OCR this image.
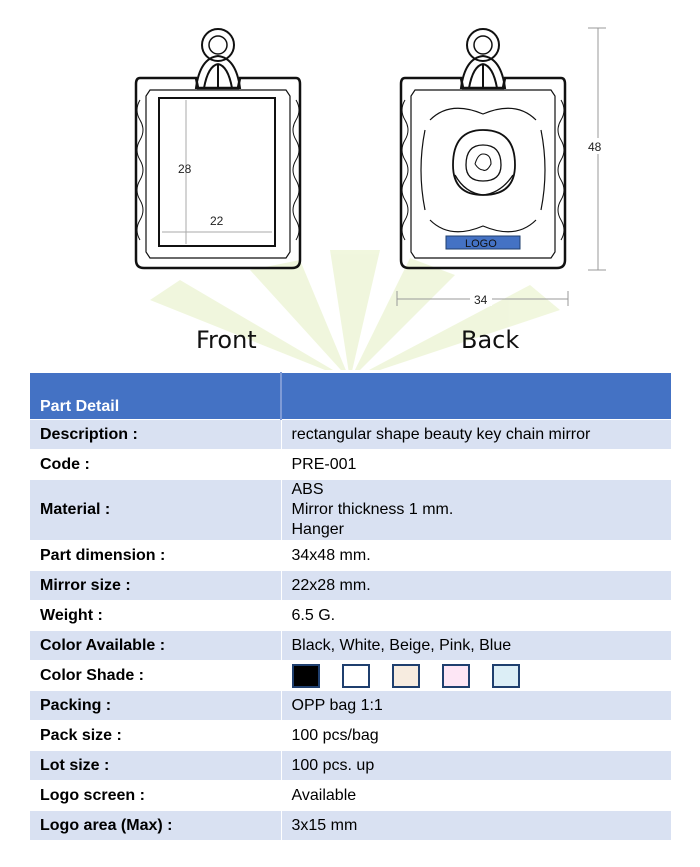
28
22
LOGO
48
34
Front	Back
Part Detail	
Description :	rectangular shape beauty key chain mirror
Code :	PRE-001
Material :	ABS
Mirror thickness 1 mm.
Hanger

Part dimension :	34x48 mm.
Mirror size :	22x28 mm.
Weight :	6.5 G.
Color Available :	Black, White, Beige, Pink, Blue
Color Shade :	
Packing :	OPP bag 1:1
Pack size :	100 pcs/bag
Lot size :	100 pcs. up
Logo screen :	Available
Logo area (Max) :	3x15 mm
